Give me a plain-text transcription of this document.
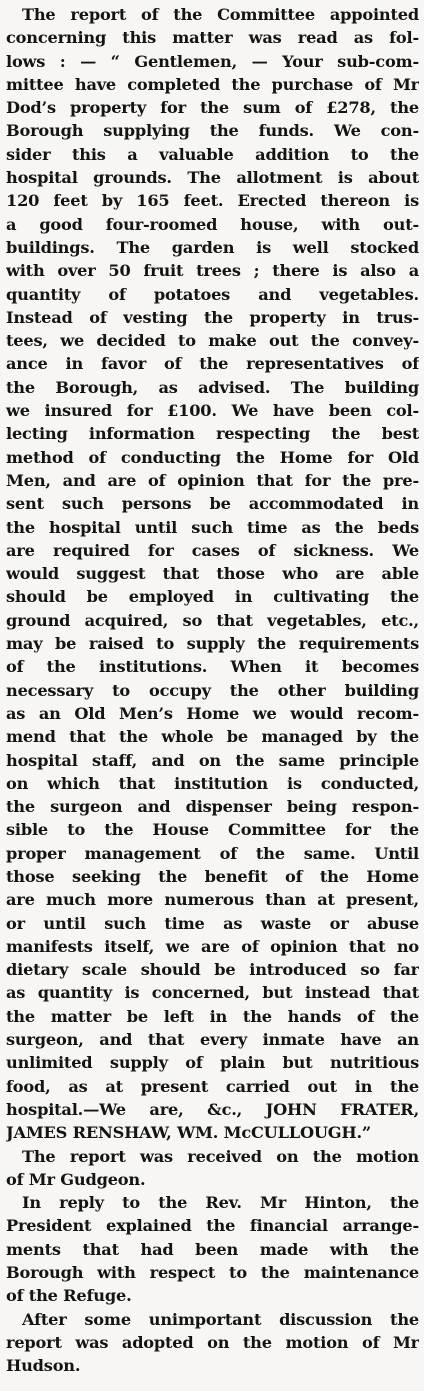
The report of the Committee appointed
concerning this matter was read as fol-
lows : — “ Gentlemen, — Your sub-com-
mittee have completed the purchase of Mr
Dod’s property for the sum of £278, the
Borough supplying the funds. We con-
sider this a valuable addition to the
hospital grounds. The allotment is about
120 feet by 165 feet. Erected thereon is
a good four-roomed house, with out-
buildings. The garden is well stocked
with over 50 fruit trees ; there is also a
quantity of potatoes and vegetables.
Instead of vesting the property in trus-
tees, we decided to make out the convey-
ance in favor of the representatives of
the Borough, as advised. The building
we insured for £100. We have been col-
lecting information respecting the best
method of conducting the Home for Old
Men, and are of opinion that for the pre-
sent such persons be accommodated in
the hospital until such time as the beds
are required for cases of sickness. We
would suggest that those who are able
should be employed in cultivating the
ground acquired, so that vegetables, etc.,
may be raised to supply the requirements
of the institutions. When it becomes
necessary to occupy the other building
as an Old Men’s Home we would recom-
mend that the whole be managed by the
hospital staff, and on the same principle
on which that institution is conducted,
the surgeon and dispenser being respon-
sible to the House Committee for the
proper management of the same. Until
those seeking the benefit of the Home
are much more numerous than at present,
or until such time as waste or abuse
manifests itself, we are of opinion that no
dietary scale should be introduced so far
as quantity is concerned, but instead that
the matter be left in the hands of the
surgeon, and that every inmate have an
unlimited supply of plain but nutritious
food, as at present carried out in the
hospital.—We are, &c., JOHN FRATER,
JAMES RENSHAW, WM. McCULLOUGH.”
The report was received on the motion
of Mr Gudgeon.
In reply to the Rev. Mr Hinton, the
President explained the financial arrange-
ments that had been made with the
Borough with respect to the maintenance
of the Refuge.
After some unimportant discussion the
report was adopted on the motion of Mr
Hudson.
